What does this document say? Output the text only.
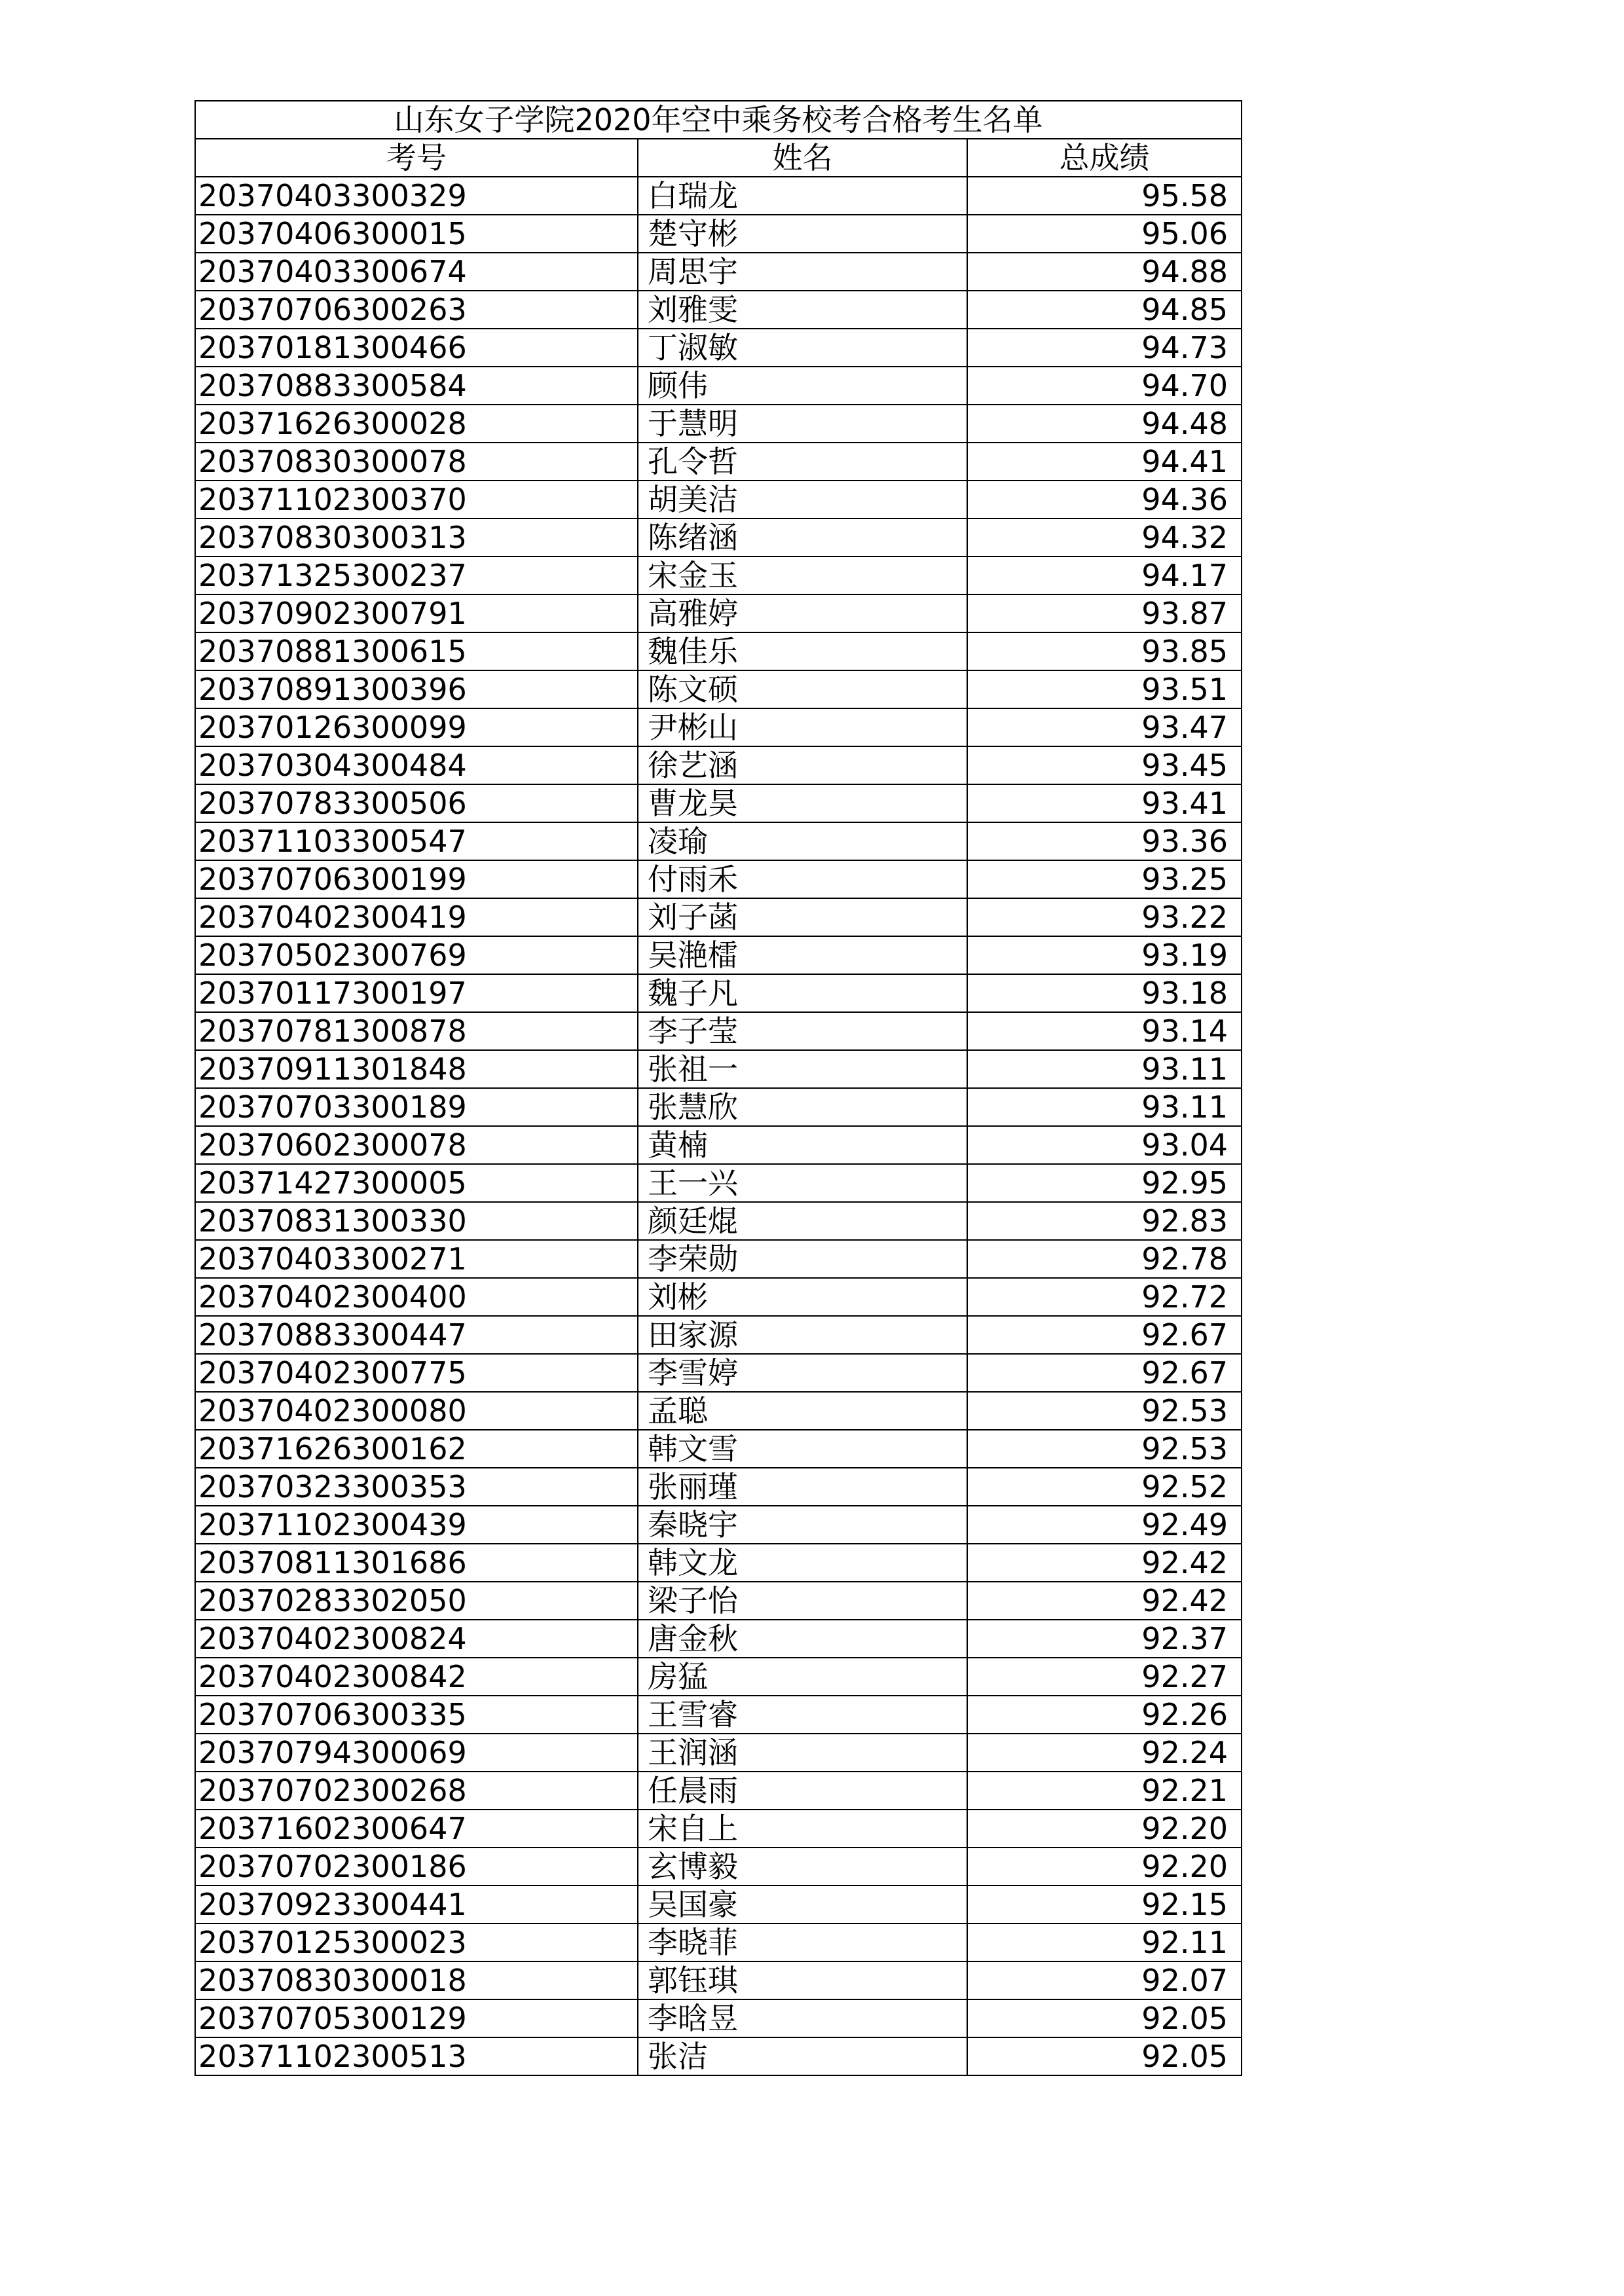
山东女子学院2020年空中乘务校考合格考生名单		
考号	姓名	总成绩
20370403300329	白瑞龙	95.58
20370406300015	楚守彬	95.06
20370403300674	周思宇	94.88
20370706300263	刘雅雯	94.85
20370181300466	丁淑敏	94.73
20370883300584	顾伟	94.70
20371626300028	于慧明	94.48
20370830300078	孔令哲	94.41
20371102300370	胡美洁	94.36
20370830300313	陈绪涵	94.32
20371325300237	宋金玉	94.17
20370902300791	高雅婷	93.87
20370881300615	魏佳乐	93.85
20370891300396	陈文硕	93.51
20370126300099	尹彬山	93.47
20370304300484	徐艺涵	93.45
20370783300506	曹龙昊	93.41
20371103300547	凌瑜	93.36
20370706300199	付雨禾	93.25
20370402300419	刘子菡	93.22
20370502300769	吴滟檑	93.19
20370117300197	魏子凡	93.18
20370781300878	李子莹	93.14
20370911301848	张祖一	93.11
20370703300189	张慧欣	93.11
20370602300078	黄楠	93.04
20371427300005	王一兴	92.95
20370831300330	颜廷焜	92.83
20370403300271	李荣勋	92.78
20370402300400	刘彬	92.72
20370883300447	田家源	92.67
20370402300775	李雪婷	92.67
20370402300080	孟聪	92.53
20371626300162	韩文雪	92.53
20370323300353	张丽瑾	92.52
20371102300439	秦晓宇	92.49
20370811301686	韩文龙	92.42
20370283302050	梁子怡	92.42
20370402300824	唐金秋	92.37
20370402300842	房猛	92.27
20370706300335	王雪睿	92.26
20370794300069	王润涵	92.24
20370702300268	任晨雨	92.21
20371602300647	宋自上	92.20
20370702300186	玄博毅	92.20
20370923300441	吴国豪	92.15
20370125300023	李晓菲	92.11
20370830300018	郭钰琪	92.07
20370705300129	李晗昱	92.05
20371102300513	张洁	92.05
